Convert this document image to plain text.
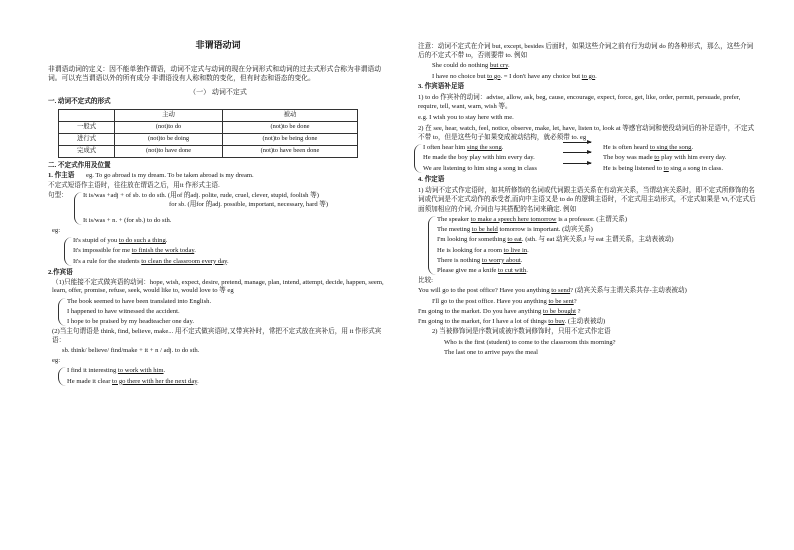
非谓语动词
非谓语动词的定义：因不能单独作谓语，动词不定式与动词的现在分词形式和动词的过去式形式合称为非谓语动词。可以充当谓语以外的所有成分 非谓语没有人称和数的变化，但有时态和语态的变化。
（一） 动词不定式
一. 动词不定式的形式
	主动	被动
一般式	(not)to do	(not)to be done
进行式	(not)to be doing	(not)to be being done
完成式	(not)to have done	(not)to have been done
二. 不定式作用及位置
1. 作主语 eg. To go abroad is my dream. To be taken abroad is my dream.
不定式短语作主语时，往往放在谓语之后，用it 作形式主语.
句型：	It is/was +adj + of sb. to do sth. (用of 的adj. polite, rude, cruel, clever, stupid, foolish 等)
for sb. (用for 的adj. possible, important, necessary, hard 等)
It is/was + n. + (for sb.) to do sth.
eg:
It's stupid of you to do such a thing.
It's impossible for me to finish the work today.
It's a rule for the students to clean the classroom every day.
2.作宾语
（1)只能接不定式做宾语的动词：hope, wish, expect, desire, pretend, manage, plan, intend, attempt, decide, happen, seem, learn, offer, promise, refuse, seek, would like to, would love to 等 eg
The book seemed to have been translated into English.
I happened to have witnessed the accident.
I hope to be praised by my headteacher one day.
(2)当主句谓语是 think, find, believe, make... 用不定式做宾语时,又带宾补时，常把不定式放在宾补后，用 it 作形式宾语：
sb. think/ believe/ find/make + it + n / adj. to do sth.
eg:
I find it interesting to work with him.
He made it clear to go there with her the next day.
注意：动词不定式在介词 but, except, besides 后面时，如果这些介词之前有行为动词 do 的各种形式，那么，这些介词后的不定式不带 to，否则要带 to. 例如
She could do nothing but cry.
I have no choice but to go. = I don't have any choice but to go.
3. 作宾语补足语
1) to do 作宾补的动词：advise, allow, ask, beg, cause, encourage, expect, force, get, like, order, permit, persuade, prefer, require, tell, want, warn, wish 等。
e.g. I wish you to stay here with me.
2) 在 see, hear, watch, feel, notice, observe, make, let, have, listen to, look at 等感官动词和使役动词后的补足语中，不定式不带 to，但是这些句子如果变成被动结构，就必须带 to. eg
I often hear him sing the song.	He is often heard to sing the song.
He made the boy play with him every day.	The boy was made to play with him every day.
We are listening to him sing a song in class	He is being listened to to sing a song in class.
4. 作定语
1) 动词不定式作定语时，如其所修饰的名词或代词跟主语关系在有动宾关系，当谓动宾关系时，即不定式所修饰的名词或代词是不定式动作的承受者,而向中主语又是 to do 的逻辑主语时，不定式用主动形式，不定式如果是 Vi,不定式后面须加相应的介词, 介词由与其搭配的名词来确定. 例如
The speaker to make a speech here tomorrow is a professor. (主谓关系)
The meeting to be held tomorrow is important. (动宾关系)
I'm looking for something to eat. (sth. 与 eat 动宾关系,I 与 eat 主谓关系，主动表被动)
He is looking for a room to live in.
There is nothing to worry about.
Please give me a knife to cut with.
比较:
You will go to the post office? Have you anything to send? (动宾关系与主谓关系共存-主动表被动)
I'll go to the post office. Have you anything to be sent?
I'm going to the market. Do you have anything to be bought ?
I'm going to the market, for I have a lot of things to buy. (主动表被动)
2) 当被修饰词是序数词或被序数词修饰时，只用不定式作定语
Who is the first (student) to come to the classroom this morning?
The last one to arrive pays the meal
